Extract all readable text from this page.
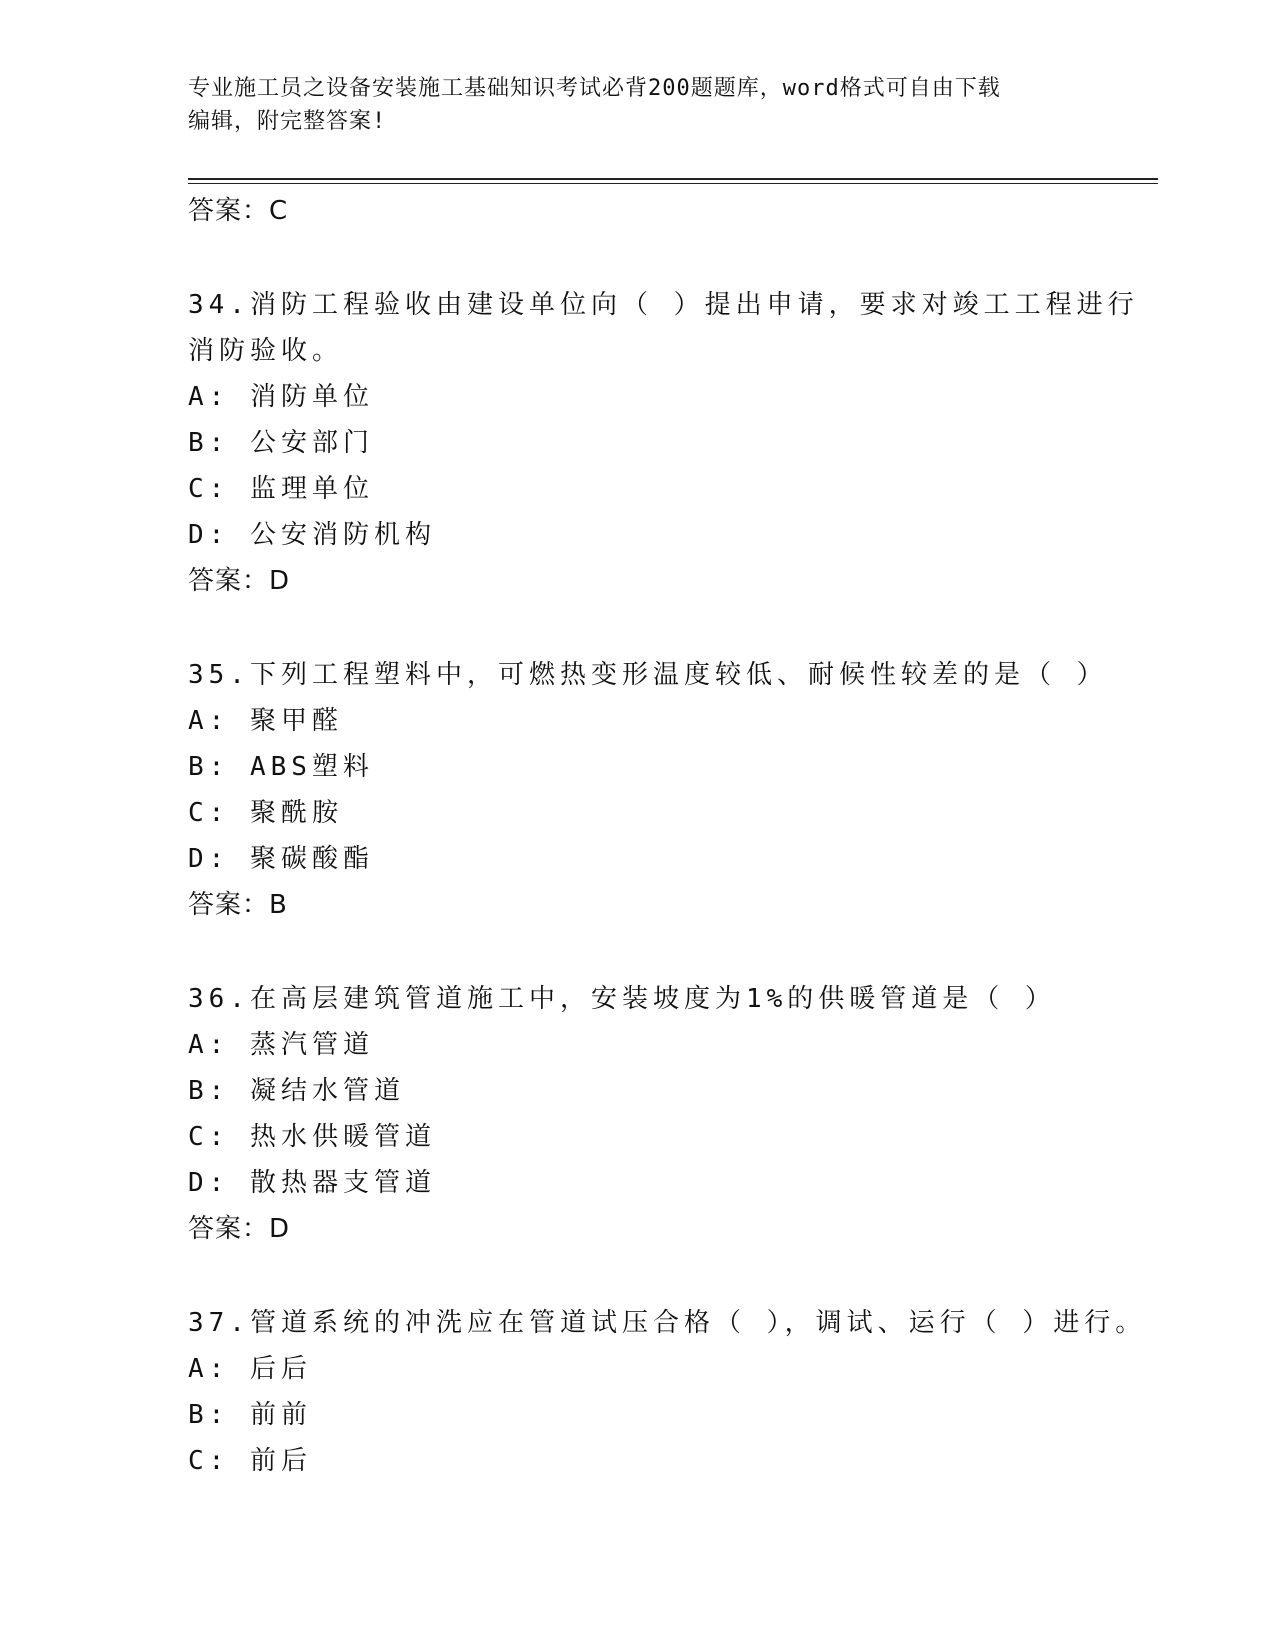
专业施工员之设备安装施工基础知识考试必背200题题库，word格式可自由下载
编辑，附完整答案!
答案：C
34.消防工程验收由建设单位向（ ）提出申请，要求对竣工工程进行
消防验收。
A: 消防单位
B: 公安部门
C: 监理单位
D: 公安消防机构
答案：D
35.下列工程塑料中，可燃热变形温度较低、耐候性较差的是（ ）
A: 聚甲醛
B: ABS塑料
C: 聚酰胺
D: 聚碳酸酯
答案：B
36.在高层建筑管道施工中，安装坡度为1%的供暖管道是（ ）
A: 蒸汽管道
B: 凝结水管道
C: 热水供暖管道
D: 散热器支管道
答案：D
37.管道系统的冲洗应在管道试压合格（ ），调试、运行（ ）进行。
A: 后后
B: 前前
C: 前后
